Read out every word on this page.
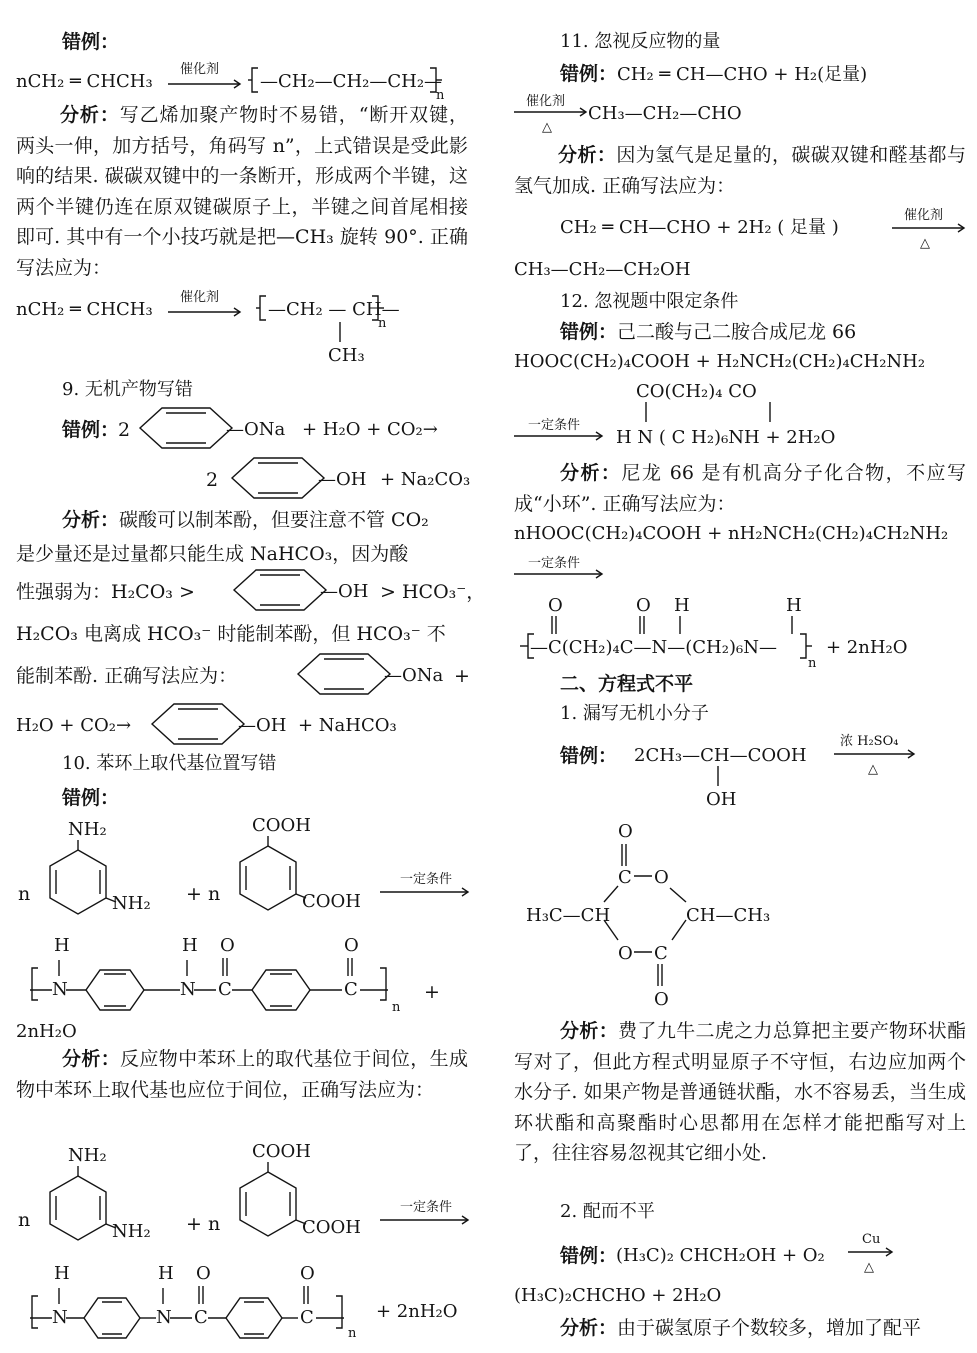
错例：
nCH₂ ═ CHCH₃
催化剂
—CH₂—CH₂—CH₂—
n
分析：写乙烯加聚产物时不易错，“断开双键，两头一伸，加方括号，角码写 n”，上式错误是受此影响的结果. 碳碳双键中的一条断开，形成两个半键，这两个半键仍连在原双键碳原子上，半键之间首尾相接即可. 其中有一个小技巧就是把—CH₃ 旋转 90°. 正确写法应为：
nCH₂ ═ CHCH₃
催化剂
—CH₂ — CH—
n
CH₃
9. 无机产物写错
错例：
2	—ONa + H₂O + CO₂→
2	—OH + Na₂CO₃
分析：碳酸可以制苯酚，但要注意不管 CO₂
是少量还是过量都只能生成 NaHCO₃，因为酸
性强弱为：H₂CO₃ >	—OH > HCO₃⁻，
H₂CO₃ 电离成 HCO₃⁻ 时能制苯酚，但 HCO₃⁻ 不
能制苯酚. 正确写法应为：	—ONa +
H₂O + CO₂→	—OH + NaHCO₃
10. 苯环上取代基位置写错
错例：
NH₂
n	NH₂ + n
COOH
COOH
一定条件
H	H O	O
N	N C	C
n
+
2nH₂O
分析：反应物中苯环上的取代基位于间位，生成物中苯环上取代基也应位于间位，正确写法应为：
NH₂
n
NH₂ + n
COOH
COOH
一定条件
H	H O	O
N	N C	C
n
+ 2nH₂O
11. 忽视反应物的量
错例：CH₂ ═ CH—CHO + H₂(足量)
催化剂
△
CH₃—CH₂—CHO
分析：因为氢气是足量的，碳碳双键和醛基都与氢气加成. 正确写法应为：
CH₂ ═ CH—CHO + 2H₂ ( 足量 )
催化剂
△
CH₃—CH₂—CH₂OH
12. 忽视题中限定条件
错例：己二酸与己二胺合成尼龙 66
HOOC(CH₂)₄COOH + H₂NCH₂(CH₂)₄CH₂NH₂
CO(CH₂)₄ CO
一定条件
H N ( C H₂)₆NH + 2H₂O
分析：尼龙 66 是有机高分子化合物，不应写成“小环”. 正确写法应为：
nHOOC(CH₂)₄COOH + nH₂NCH₂(CH₂)₄CH₂NH₂
一定条件
O	O H	H
—C(CH₂)₄C—N—(CH₂)₆N—
n
+ 2nH₂O
二、方程式不平
1. 漏写无机小分子
错例： 2CH₃—CH—COOH
OH
浓 H₂SO₄
△
O
C O
H₃C—CH	CH—CH₃
O C
O
分析：费了九牛二虎之力总算把主要产物环状酯写对了，但此方程式明显原子不守恒，右边应加两个水分子. 如果产物是普通链状酯，水不容易丢，当生成环状酯和高聚酯时心思都用在怎样才能把酯写对上了，往往容易忽视其它细小处.
2. 配而不平
错例：
(H₃C)₂ CHCH₂OH + O₂
Cu
△
(H₃C)₂CHCHO + 2H₂O
分析：由于碳氢原子个数较多，增加了配平
